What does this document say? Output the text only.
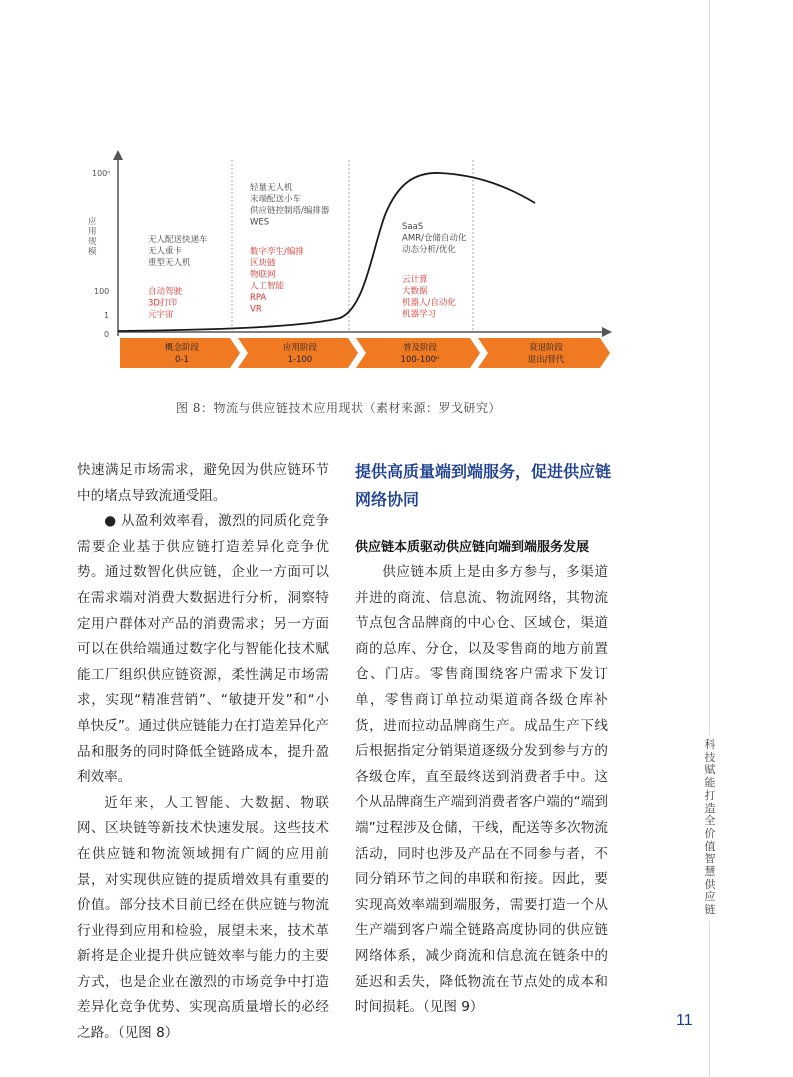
科技赋能打造全价值智慧供应链
100ⁿ
100
1
0
概念阶段
0-1
应用阶段
1-100
普及阶段
100-100ⁿ
衰退阶段
退出/替代
无人配送快递车
无人重卡
重型无人机
自动驾驶
3D打印
元宇宙
轻量无人机
末端配送小车
供应链控制塔/编排器
WES
数字孪生/编排
区块链
物联网
人工智能
RPA
VR
SaaS
AMR/仓储自动化
动态分析/优化
云计算
大数据
机器人/自动化
机器学习
应
用
规
模
图 8：物流与供应链技术应用现状（素材来源：罗戈研究）

快速满足市场需求，避免因为供应链环节中的堵点导致流通受阻。

● 从盈利效率看，激烈的同质化竞争需要企业基于供应链打造差异化竞争优势。通过数智化供应链，企业一方面可以在需求端对消费大数据进行分析，洞察特定用户群体对产品的消费需求；另一方面可以在供给端通过数字化与智能化技术赋能工厂组织供应链资源，柔性满足市场需求，实现“精准营销”、“敏捷开发”和“小单快反”。通过供应链能力在打造差异化产品和服务的同时降低全链路成本，提升盈利效率。

近年来，人工智能、大数据、物联网、区块链等新技术快速发展。这些技术在供应链和物流领域拥有广阔的应用前景，对实现供应链的提质增效具有重要的价值。部分技术目前已经在供应链与物流行业得到应用和检验，展望未来，技术革新将是企业提升供应链效率与能力的主要方式，也是企业在激烈的市场竞争中打造差异化竞争优势、实现高质量增长的必经之路。（见图 8）

提供高质量端到端服务，促进供应链网络协同
供应链本质驱动供应链向端到端服务发展

供应链本质上是由多方参与，多渠道并进的商流、信息流、物流网络，其物流节点包含品牌商的中心仓、区域仓，渠道商的总库、分仓，以及零售商的地方前置仓、门店。零售商围绕客户需求下发订单，零售商订单拉动渠道商各级仓库补货，进而拉动品牌商生产。成品生产下线后根据指定分销渠道逐级分发到参与方的各级仓库，直至最终送到消费者手中。这个从品牌商生产端到消费者客户端的“端到端”过程涉及仓储，干线，配送等多次物流活动，同时也涉及产品在不同参与者，不同分销环节之间的串联和衔接。因此，要实现高效率端到端服务，需要打造一个从生产端到客户端全链路高度协同的供应链网络体系，减少商流和信息流在链条中的延迟和丢失，降低物流在节点处的成本和时间损耗。（见图 9）

11
